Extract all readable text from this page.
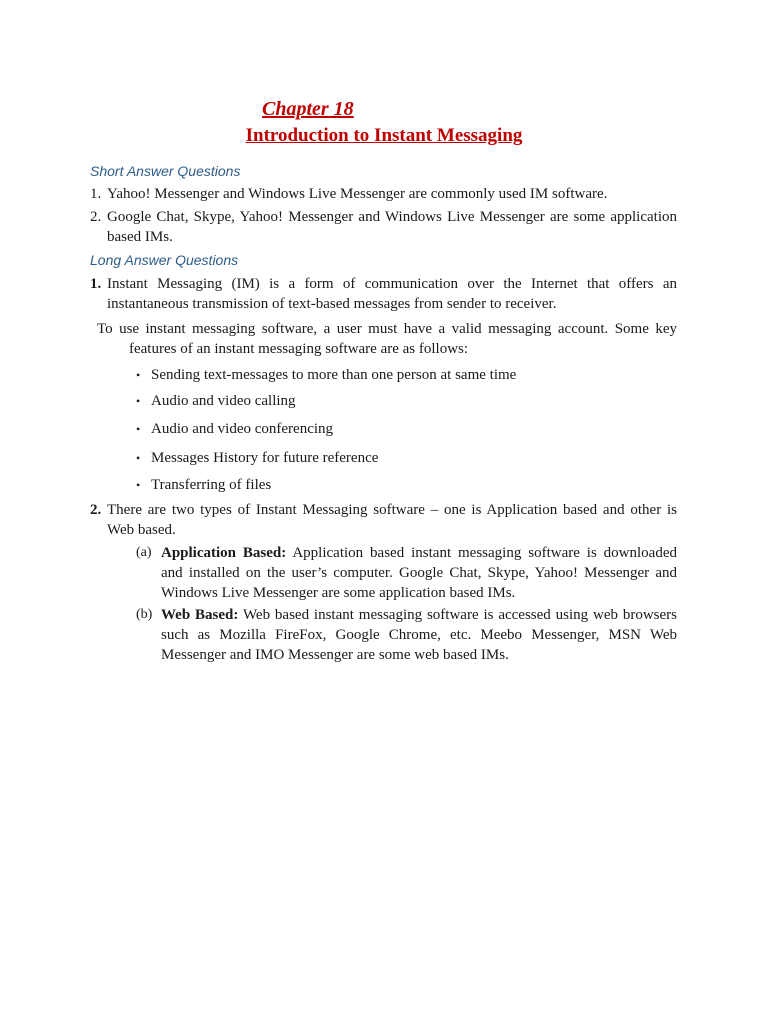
Chapter 18
Introduction to Instant Messaging
Short Answer Questions
1. Yahoo! Messenger and Windows Live Messenger are commonly used IM software.
2. Google Chat, Skype, Yahoo! Messenger and Windows Live Messenger are some application based IMs.
Long Answer Questions
1. Instant Messaging (IM) is a form of communication over the Internet that offers an instantaneous transmission of text-based messages from sender to receiver.
To use instant messaging software, a user must have a valid messaging account. Some key features of an instant messaging software are as follows:
• Sending text-messages to more than one person at same time
• Audio and video calling
• Audio and video conferencing
• Messages History for future reference
• Transferring of files
2. There are two types of Instant Messaging software – one is Application based and other is Web based.
(a) Application Based: Application based instant messaging software is downloaded and installed on the user’s computer. Google Chat, Skype, Yahoo! Messenger and Windows Live Messenger are some application based IMs.
(b) Web Based: Web based instant messaging software is accessed using web browsers such as Mozilla FireFox, Google Chrome, etc. Meebo Messenger, MSN Web Messenger and IMO Messenger are some web based IMs.
